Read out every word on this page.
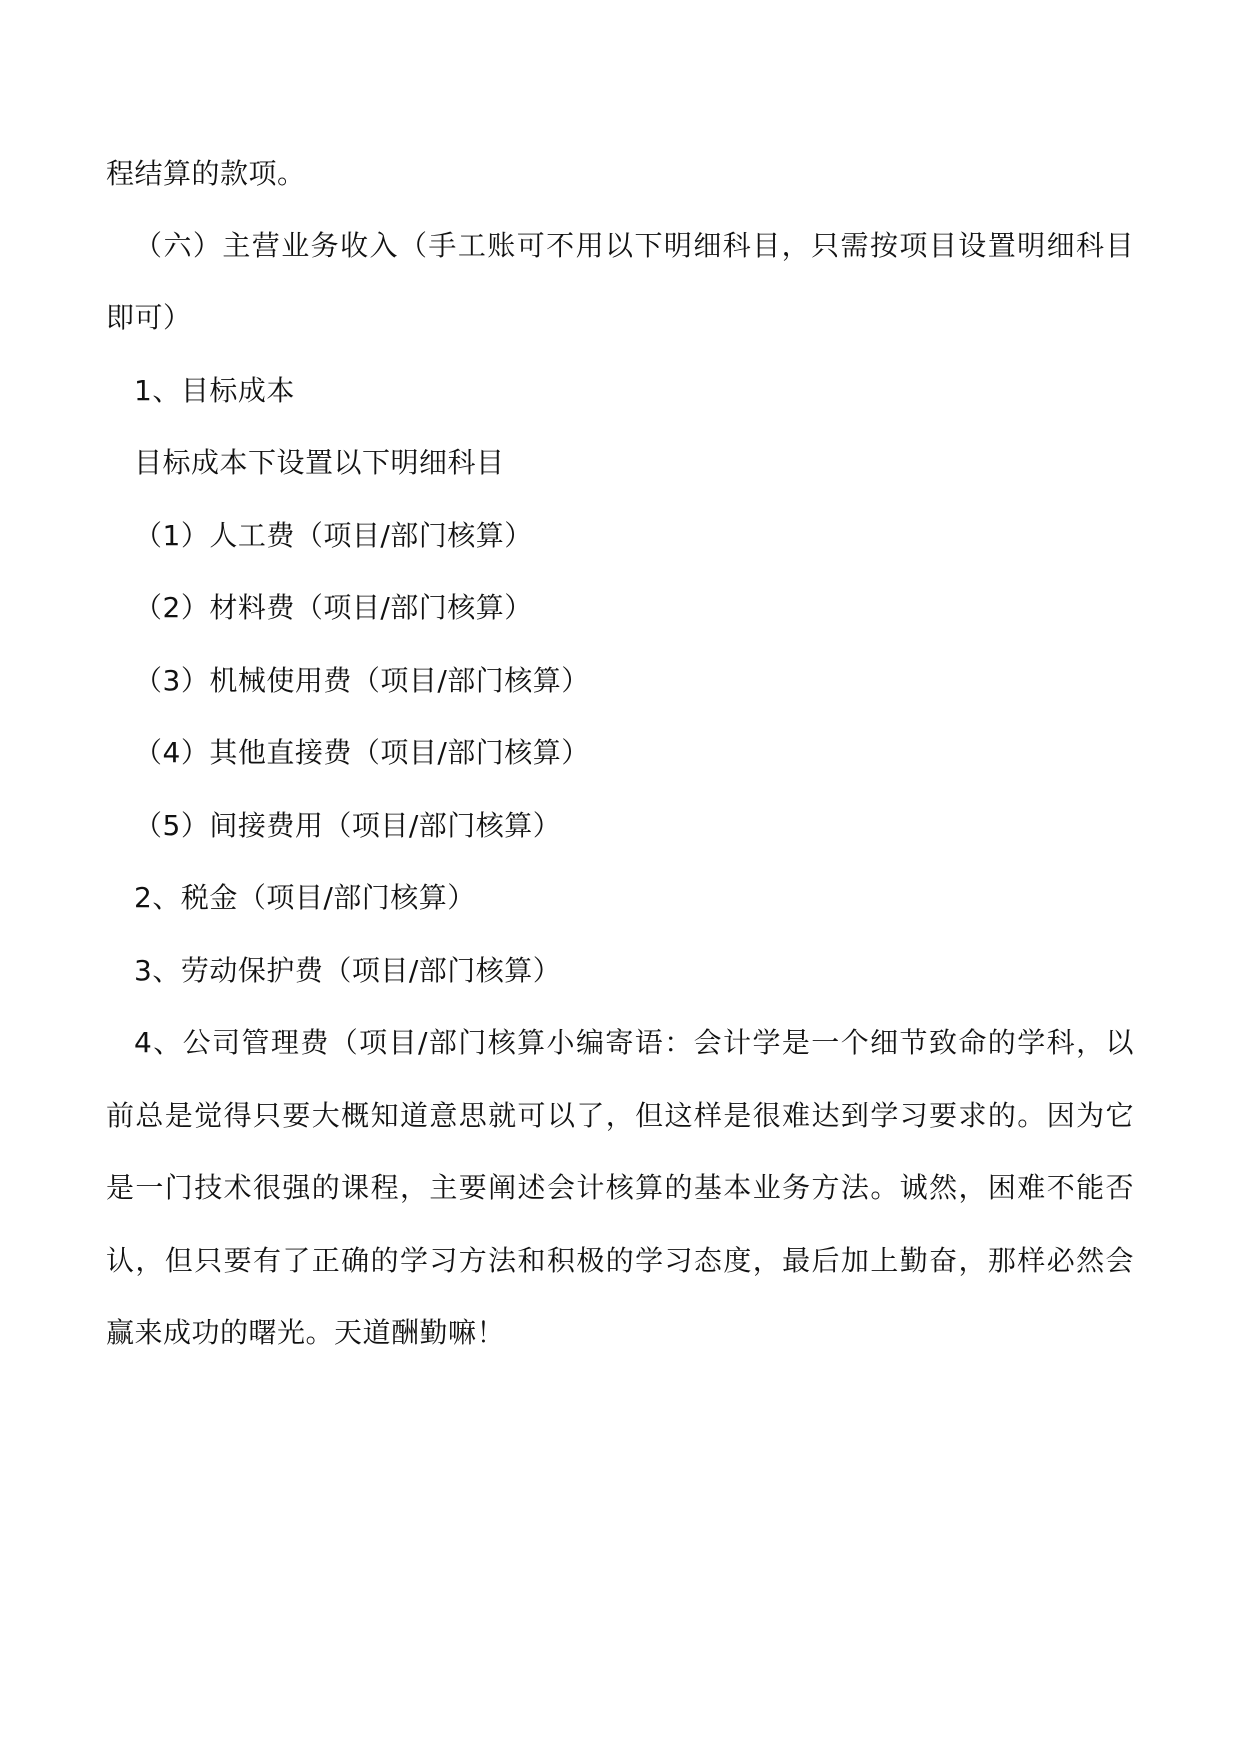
程结算的款项。
（六）主营业务收入（手工账可不用以下明细科目，只需按项目设置明细科目
即可）
1、目标成本
目标成本下设置以下明细科目
（1）人工费（项目/部门核算）
（2）材料费（项目/部门核算）
（3）机械使用费（项目/部门核算）
（4）其他直接费（项目/部门核算）
（5）间接费用（项目/部门核算）
2、税金（项目/部门核算）
3、劳动保护费（项目/部门核算）
4、公司管理费（项目/部门核算小编寄语：会计学是一个细节致命的学科，以
前总是觉得只要大概知道意思就可以了，但这样是很难达到学习要求的。因为它
是一门技术很强的课程，主要阐述会计核算的基本业务方法。诚然，困难不能否
认，但只要有了正确的学习方法和积极的学习态度，最后加上勤奋，那样必然会
赢来成功的曙光。天道酬勤嘛！
